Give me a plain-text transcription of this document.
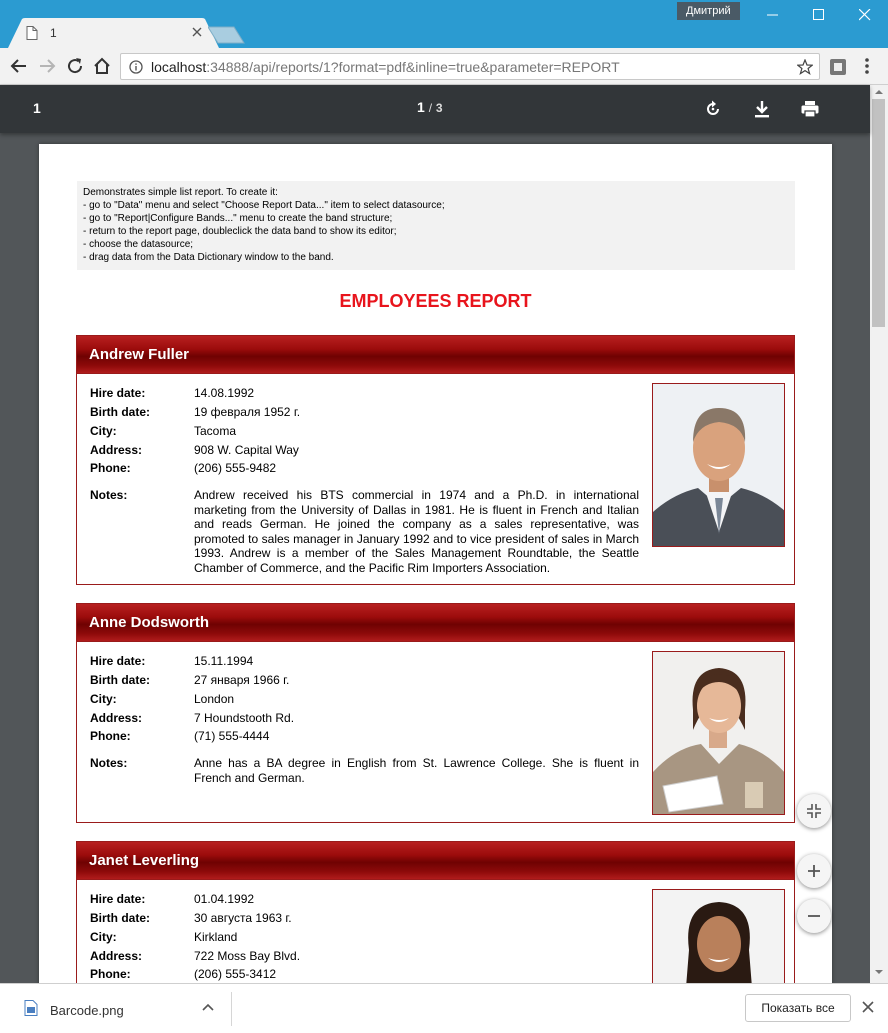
Дмитрий
1
localhost:34888/api/reports/1?format=pdf&inline=true&parameter=REPORT
1	1 / 3
Demonstrates simple list report. To create it:
- go to "Data" menu and select "Choose Report Data..." item to select datasource;
- go to "Report|Configure Bands..." menu to create the band structure;
- return to the report page, doubleclick the data band to show its editor;
- choose the datasource;
- drag data from the Data Dictionary window to the band.
EMPLOYEES REPORT
Andrew Fuller
Hire date:	14.08.1992
Birth date:	19 февраля 1952 г.
City:	Tacoma
Address:	908 W. Capital Way
Phone:	(206) 555-9482
Notes:	Andrew received his BTS commercial in 1974 and a Ph.D. in international marketing from the University of Dallas in 1981. He is fluent in French and Italian and reads German. He joined the company as a sales representative, was promoted to sales manager in January 1992 and to vice president of sales in March 1993. Andrew is a member of the Sales Management Roundtable, the Seattle Chamber of Commerce, and the Pacific Rim Importers Association.
Anne Dodsworth
Hire date:	15.11.1994
Birth date:	27 января 1966 г.
City:	London
Address:	7 Houndstooth Rd.
Phone:	(71) 555-4444
Notes:	Anne has a BA degree in English from St. Lawrence College. She is fluent in French and German.
Janet Leverling
Hire date:	01.04.1992
Birth date:	30 августа 1963 г.
City:	Kirkland
Address:	722 Moss Bay Blvd.
Phone:	(206) 555-3412
Barcode.png	Показать все
